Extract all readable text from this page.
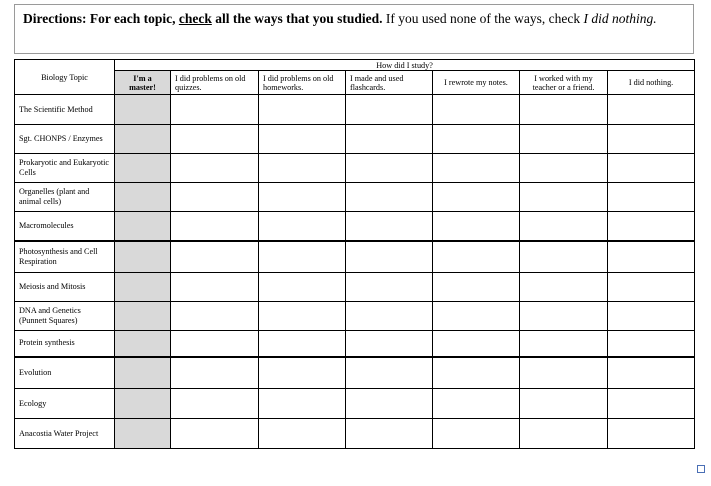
Directions: For each topic, check all the ways that you studied. If you used none of the ways, check I did nothing.
Biology Topic	How did I study?						
	I'm a master!	I did problems on old quizzes.	I did problems on old homeworks.	I made and used flashcards.	I rewrote my notes.	I worked with my teacher or a friend.	I did nothing.
The Scientific Method							
Sgt. CHONPS / Enzymes							
Prokaryotic and Eukaryotic Cells							
Organelles (plant and animal cells)							
Macromolecules							
Photosynthesis and Cell Respiration							
Meiosis and Mitosis							
DNA and Genetics (Punnett Squares)							
Protein synthesis							
Evolution							
Ecology							
Anacostia Water Project							
